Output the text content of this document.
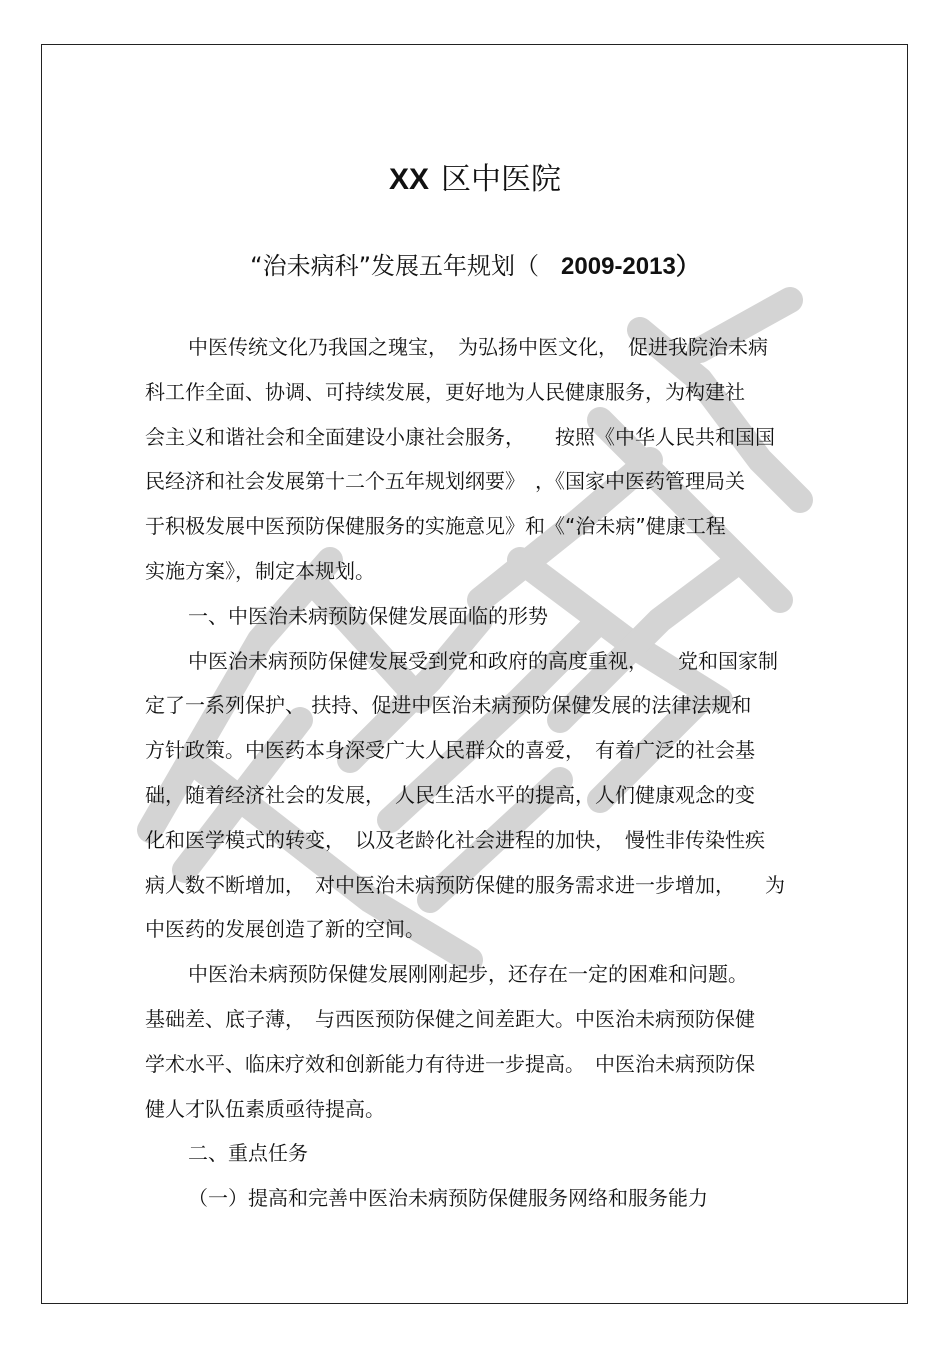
XX 区中医院
“治未病科”发展五年规划（ 2009-2013）
中医传统文化乃我国之瑰宝，　为弘扬中医文化，　促进我院治未病
科工作全面、协调、可持续发展，更好地为人民健康服务，为构建社
会主义和谐社会和全面建设小康社会服务，　　按照《中华人民共和国国
民经济和社会发展第十二个五年规划纲要》　，《国家中医药管理局关
于积极发展中医预防保健服务的实施意见》和《“治未病”健康工程
实施方案》，制定本规划。
一、中医治未病预防保健发展面临的形势
中医治未病预防保健发展受到党和政府的高度重视，　　党和国家制
定了一系列保护、 扶持、促进中医治未病预防保健发展的法律法规和
方针政策。中医药本身深受广大人民群众的喜爱，　有着广泛的社会基
础，随着经济社会的发展，　人民生活水平的提高，人们健康观念的变
化和医学模式的转变，　以及老龄化社会进程的加快，　慢性非传染性疾
病人数不断增加，　对中医治未病预防保健的服务需求进一步增加，　　为
中医药的发展创造了新的空间。
中医治未病预防保健发展刚刚起步，还存在一定的困难和问题。
基础差、底子薄，　与西医预防保健之间差距大。中医治未病预防保健
学术水平、临床疗效和创新能力有待进一步提高。　中医治未病预防保
健人才队伍素质亟待提高。
二、重点任务
（一）提高和完善中医治未病预防保健服务网络和服务能力
